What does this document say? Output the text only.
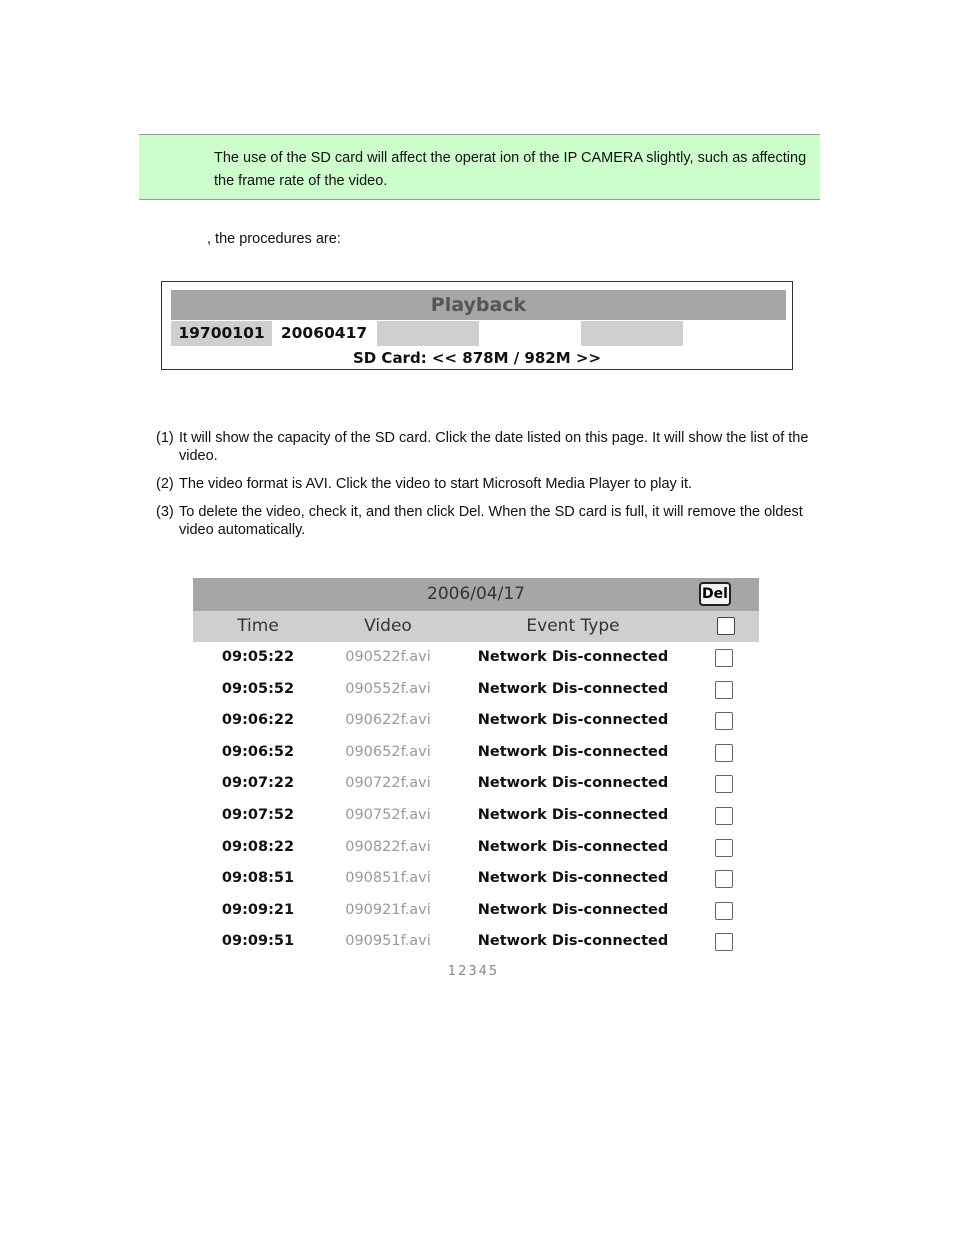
The use of the SD card will affect the operat ion of the IP CAMERA slightly, such as affecting the frame rate of the video.

, the procedures are:

Playback
19700101	20060417
SD Card: << 878M / 982M >>
(1) It will show the capacity of the SD card. Click the date listed on this page. It will show the list of the video.
(2) The video format is AVI. Click the video to start Microsoft Media Player to play it.
(3) To delete the video, check it, and then click Del. When the SD card is full, it will remove the oldest video automatically.
2006/04/17	Del
Time	Video	Event Type
09:05:22	090522f.avi	Network Dis-connected
09:05:52	090552f.avi	Network Dis-connected
09:06:22	090622f.avi	Network Dis-connected
09:06:52	090652f.avi	Network Dis-connected
09:07:22	090722f.avi	Network Dis-connected
09:07:52	090752f.avi	Network Dis-connected
09:08:22	090822f.avi	Network Dis-connected
09:08:51	090851f.avi	Network Dis-connected
09:09:21	090921f.avi	Network Dis-connected
09:09:51	090951f.avi	Network Dis-connected
12345
